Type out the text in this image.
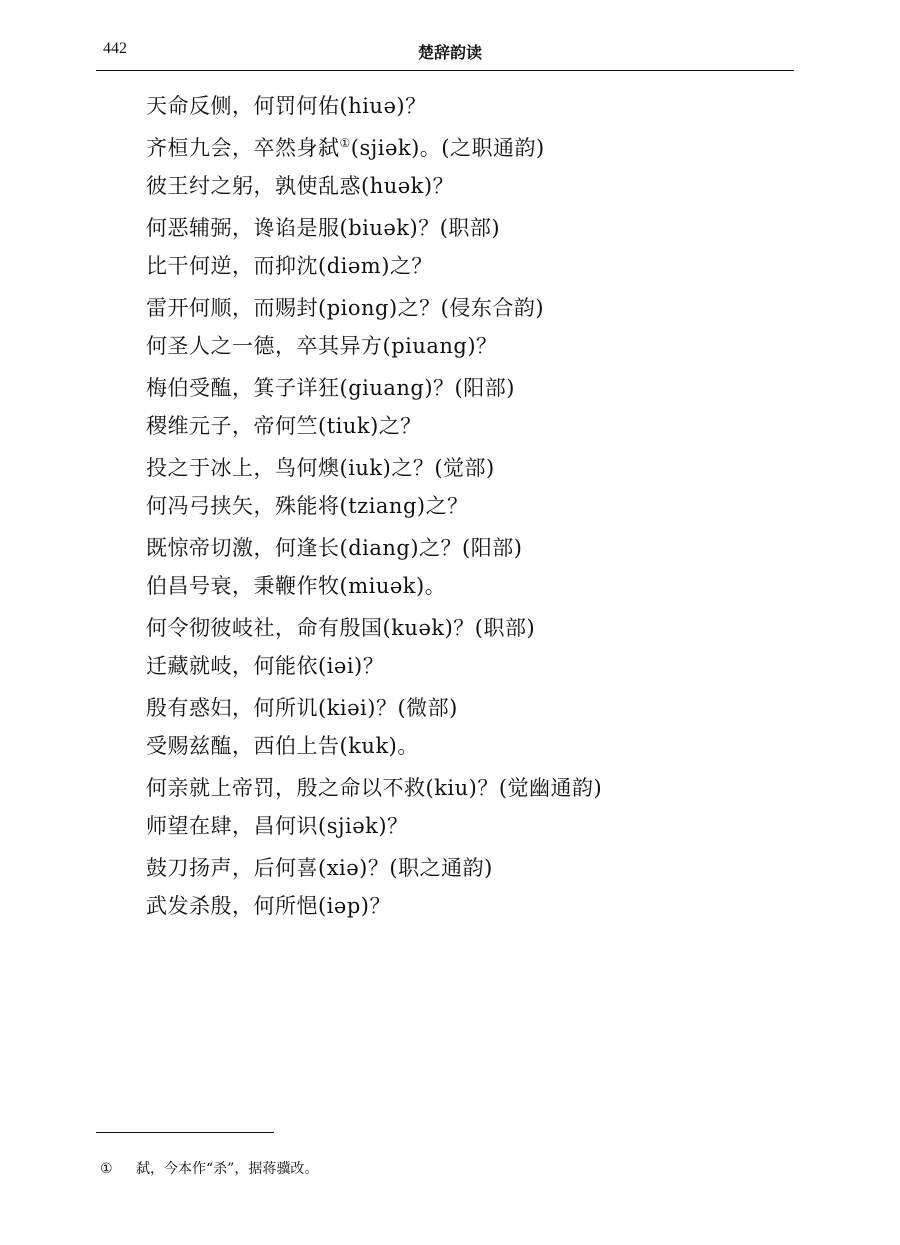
442	楚辞韵读
天命反侧，何罚何佑(hiuə)？
齐桓九会，卒然身弑①(sjiək)。(之职通韵)
彼王纣之躬，孰使乱惑(huək)？
何恶辅弼，谗谄是服(biuək)？(职部)
比干何逆，而抑沈(diəm)之？
雷开何顺，而赐封(piong)之？(侵东合韵)
何圣人之一德，卒其异方(piuang)？
梅伯受醢，箕子详狂(giuang)？(阳部)
稷维元子，帝何竺(tiuk)之？
投之于冰上，鸟何燠(iuk)之？(觉部)
何冯弓挟矢，殊能将(tziang)之？
既惊帝切激，何逢长(diang)之？(阳部)
伯昌号衰，秉鞭作牧(miuək)。
何令彻彼岐社，命有殷国(kuək)？(职部)
迁藏就岐，何能依(iəi)？
殷有惑妇，何所讥(kiəi)？(微部)
受赐兹醢，西伯上告(kuk)。
何亲就上帝罚，殷之命以不救(kiu)？(觉幽通韵)
师望在肆，昌何识(sjiək)？
鼓刀扬声，后何喜(xiə)？(职之通韵)
武发杀殷，何所悒(iəp)？
① 弑，今本作“杀”，据蒋骥改。
